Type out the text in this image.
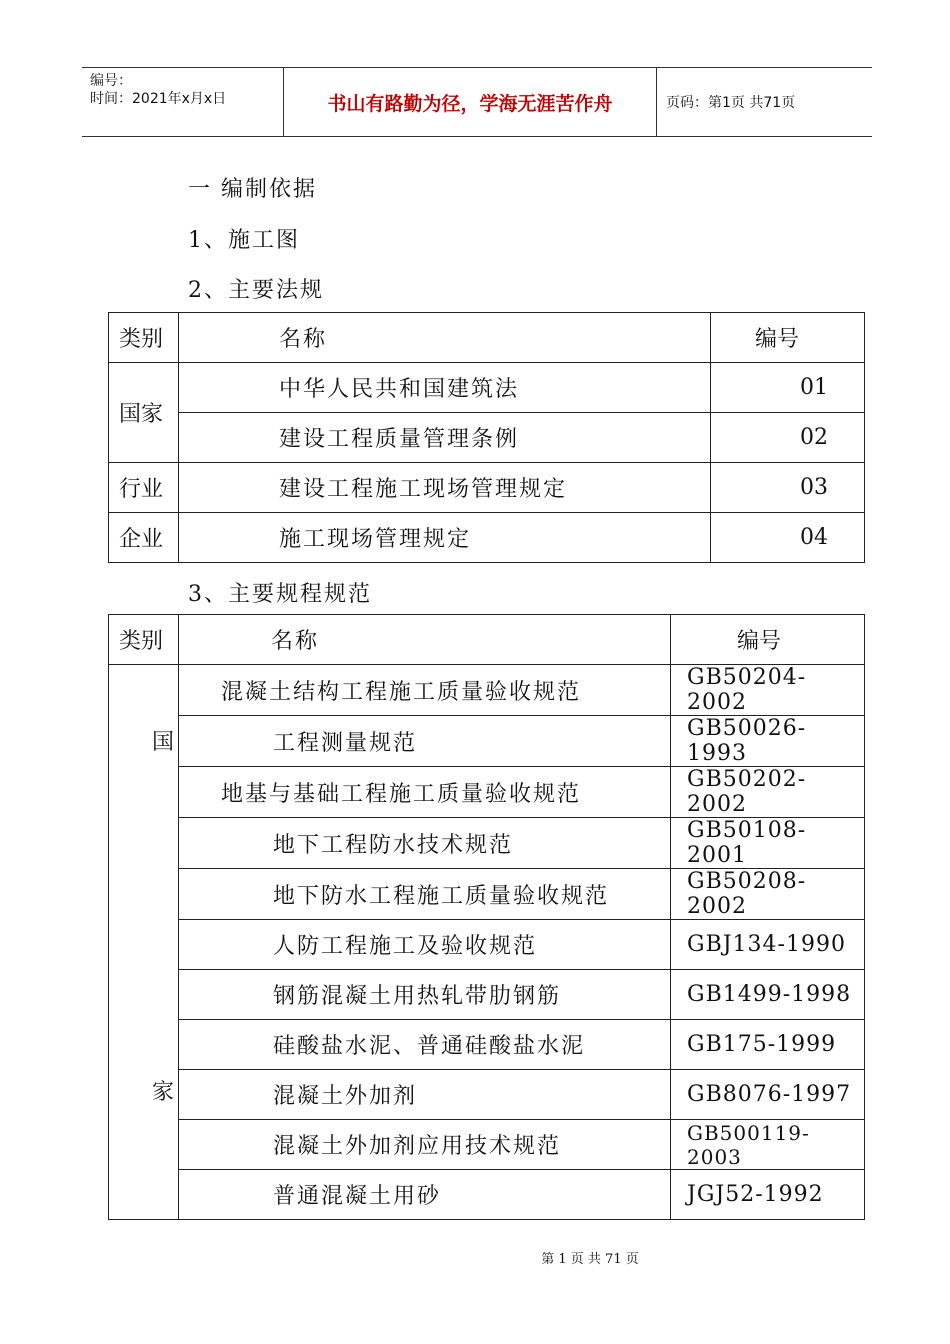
编号：
时间：2021年x月x日	书山有路勤为径，学海无涯苦作舟	页码：第1页 共71页
一 编制依据
1、施工图
2、主要法规
类别	名称	编号
国家	中华人民共和国建筑法	01
	建设工程质量管理条例	02
行业	建设工程施工现场管理规定	03
企业	施工现场管理规定	04
3、主要规程规范
类别	名称	编号

国
家	混凝土结构工程施工质量验收规范	GB50204-2002
	工程测量规范	GB50026-1993
	地基与基础工程施工质量验收规范	GB50202-2002
	地下工程防水技术规范	GB50108-2001
	地下防水工程施工质量验收规范	GB50208-2002
	人防工程施工及验收规范	GBJ134-1990
	钢筋混凝土用热轧带肋钢筋	GB1499-1998
	硅酸盐水泥、普通硅酸盐水泥	GB175-1999
	混凝土外加剂	GB8076-1997
	混凝土外加剂应用技术规范	GB500119-2003
	普通混凝土用砂	JGJ52-1992
第 1 页 共 71 页
